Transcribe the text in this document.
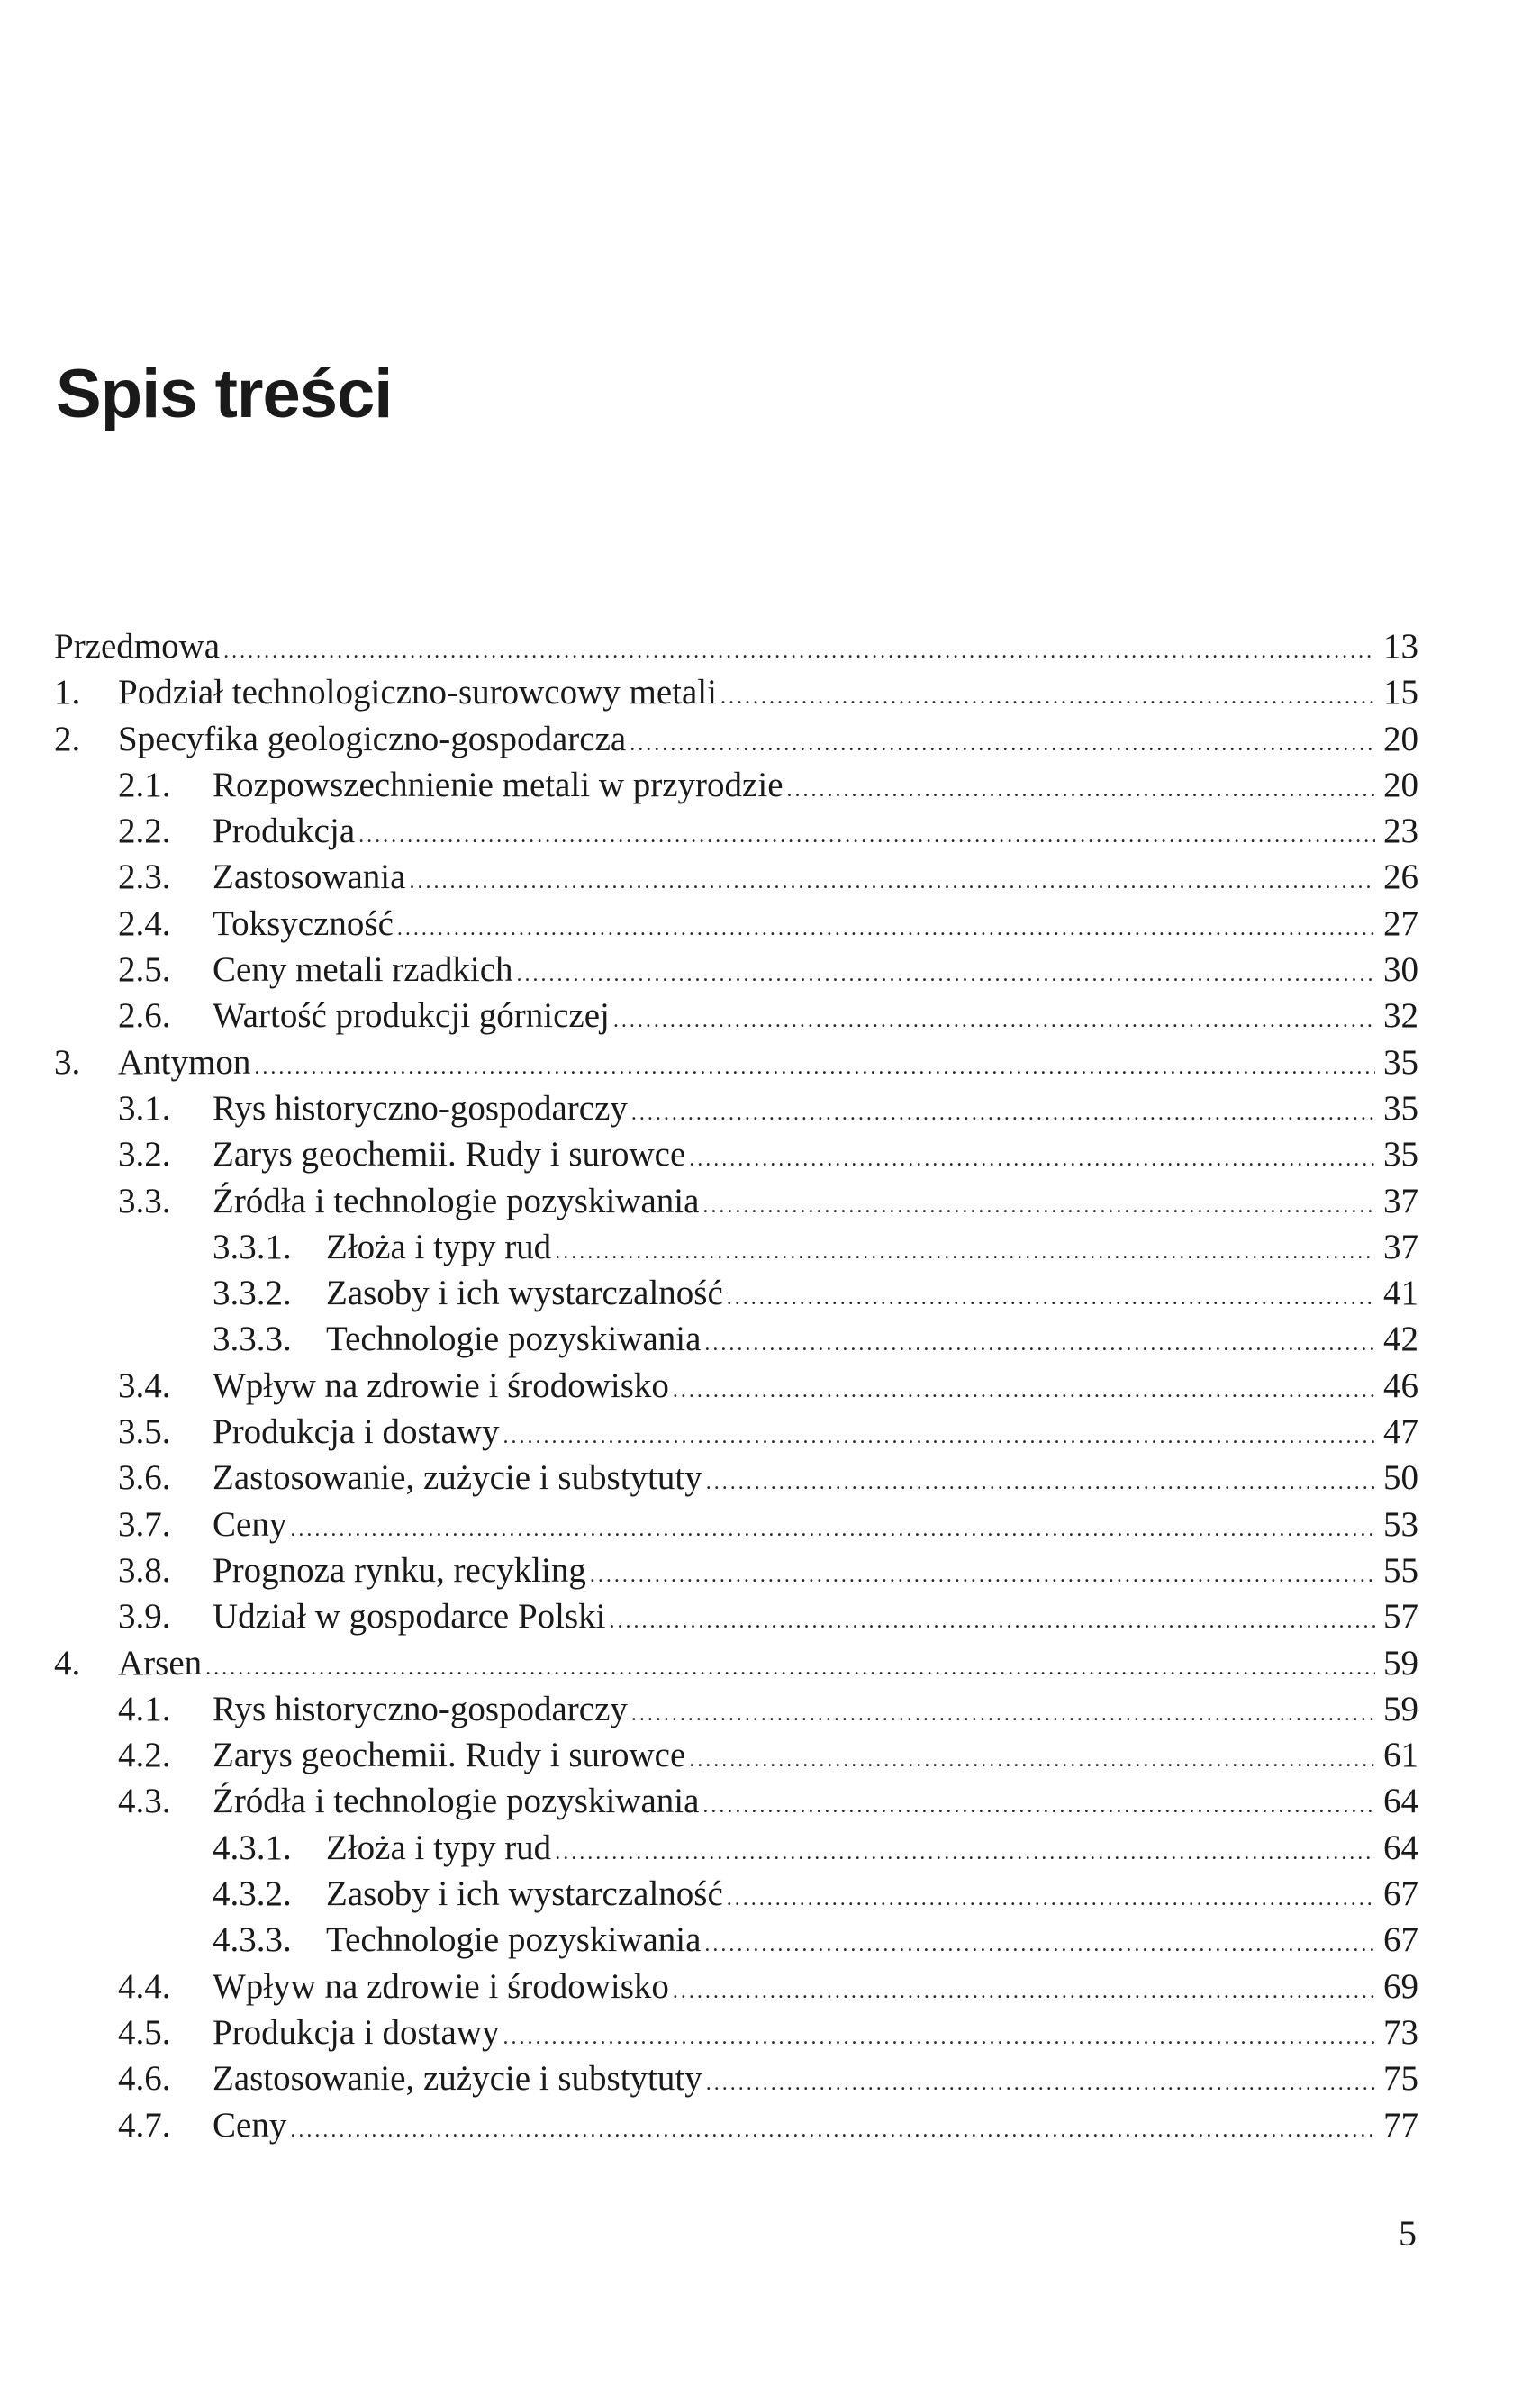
Spis treści
Przedmowa .....	13
1.	Podział technologiczno-surowcowy metali .....	15
2.	Specyfika geologiczno-gospodarcza .....	20
2.1.	Rozpowszechnienie metali w przyrodzie .....	20
2.2.	Produkcja .....	23
2.3.	Zastosowania .....	26
2.4.	Toksyczność .....	27
2.5.	Ceny metali rzadkich .....	30
2.6.	Wartość produkcji górniczej .....	32
3.	Antymon .....	35
3.1.	Rys historyczno-gospodarczy .....	35
3.2.	Zarys geochemii. Rudy i surowce .....	35
3.3.	Źródła i technologie pozyskiwania .....	37
3.3.1. Złoża i typy rud .....	37
3.3.2. Zasoby i ich wystarczalność .....	41
3.3.3. Technologie pozyskiwania .....	42
3.4.	Wpływ na zdrowie i środowisko .....	46
3.5.	Produkcja i dostawy .....	47
3.6.	Zastosowanie, zużycie i substytuty .....	50
3.7.	Ceny .....	53
3.8.	Prognoza rynku, recykling .....	55
3.9.	Udział w gospodarce Polski .....	57
4.	Arsen .....	59
4.1.	Rys historyczno-gospodarczy .....	59
4.2.	Zarys geochemii. Rudy i surowce .....	61
4.3.	Źródła i technologie pozyskiwania .....	64
4.3.1. Złoża i typy rud .....	64
4.3.2. Zasoby i ich wystarczalność .....	67
4.3.3. Technologie pozyskiwania .....	67
4.4.	Wpływ na zdrowie i środowisko .....	69
4.5.	Produkcja i dostawy .....	73
4.6.	Zastosowanie, zużycie i substytuty .....	75
4.7.	Ceny .....	77
5
